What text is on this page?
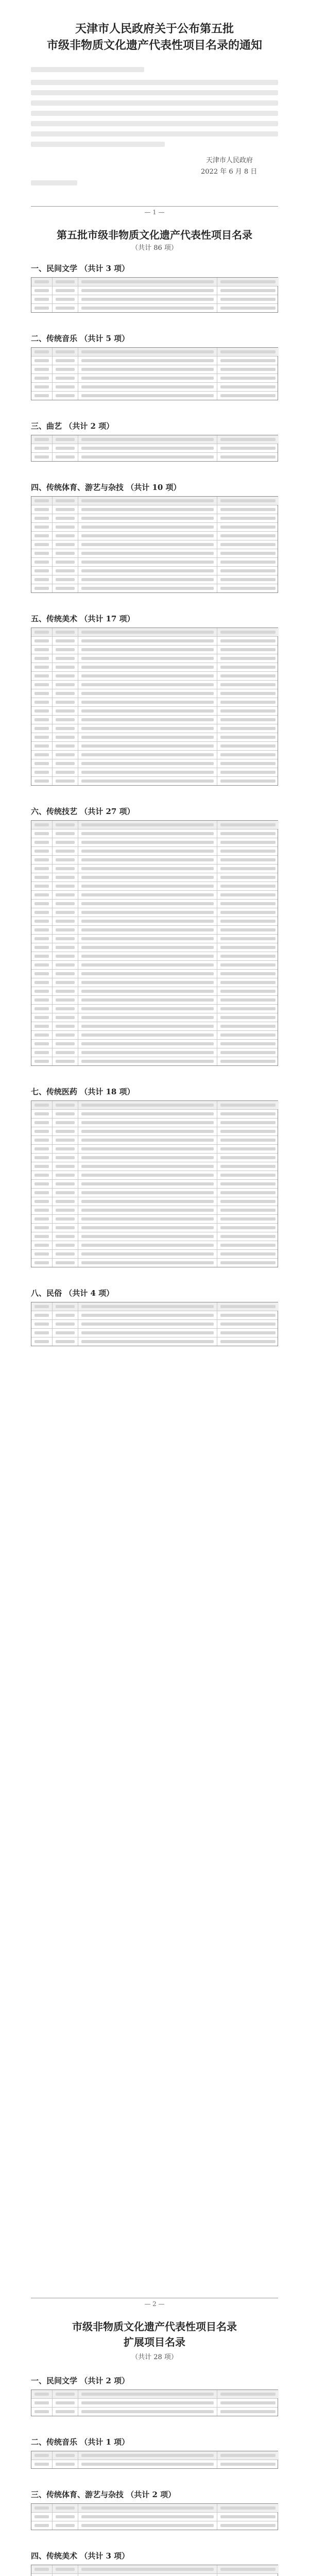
天津市人民政府关于公布第五批
市级非物质文化遗产代表性项目名录的通知
天津市人民政府
2022 年 6 月 8 日
— 1 —
第五批市级非物质文化遗产代表性项目名录
（共计 86 项）
一、民间文学 （共计 3 项）
二、传统音乐 （共计 5 项）
三、曲艺 （共计 2 项）
四、传统体育、游艺与杂技 （共计 10 项）
五、传统美术 （共计 17 项）
六、传统技艺 （共计 27 项）
七、传统医药 （共计 18 项）
八、民俗 （共计 4 项）
— 2 —
市级非物质文化遗产代表性项目名录
扩展项目名录
（共计 28 项）
一、民间文学 （共计 2 项）
二、传统音乐 （共计 1 项）
三、传统体育、游艺与杂技 （共计 2 项）
四、传统美术 （共计 3 项）
